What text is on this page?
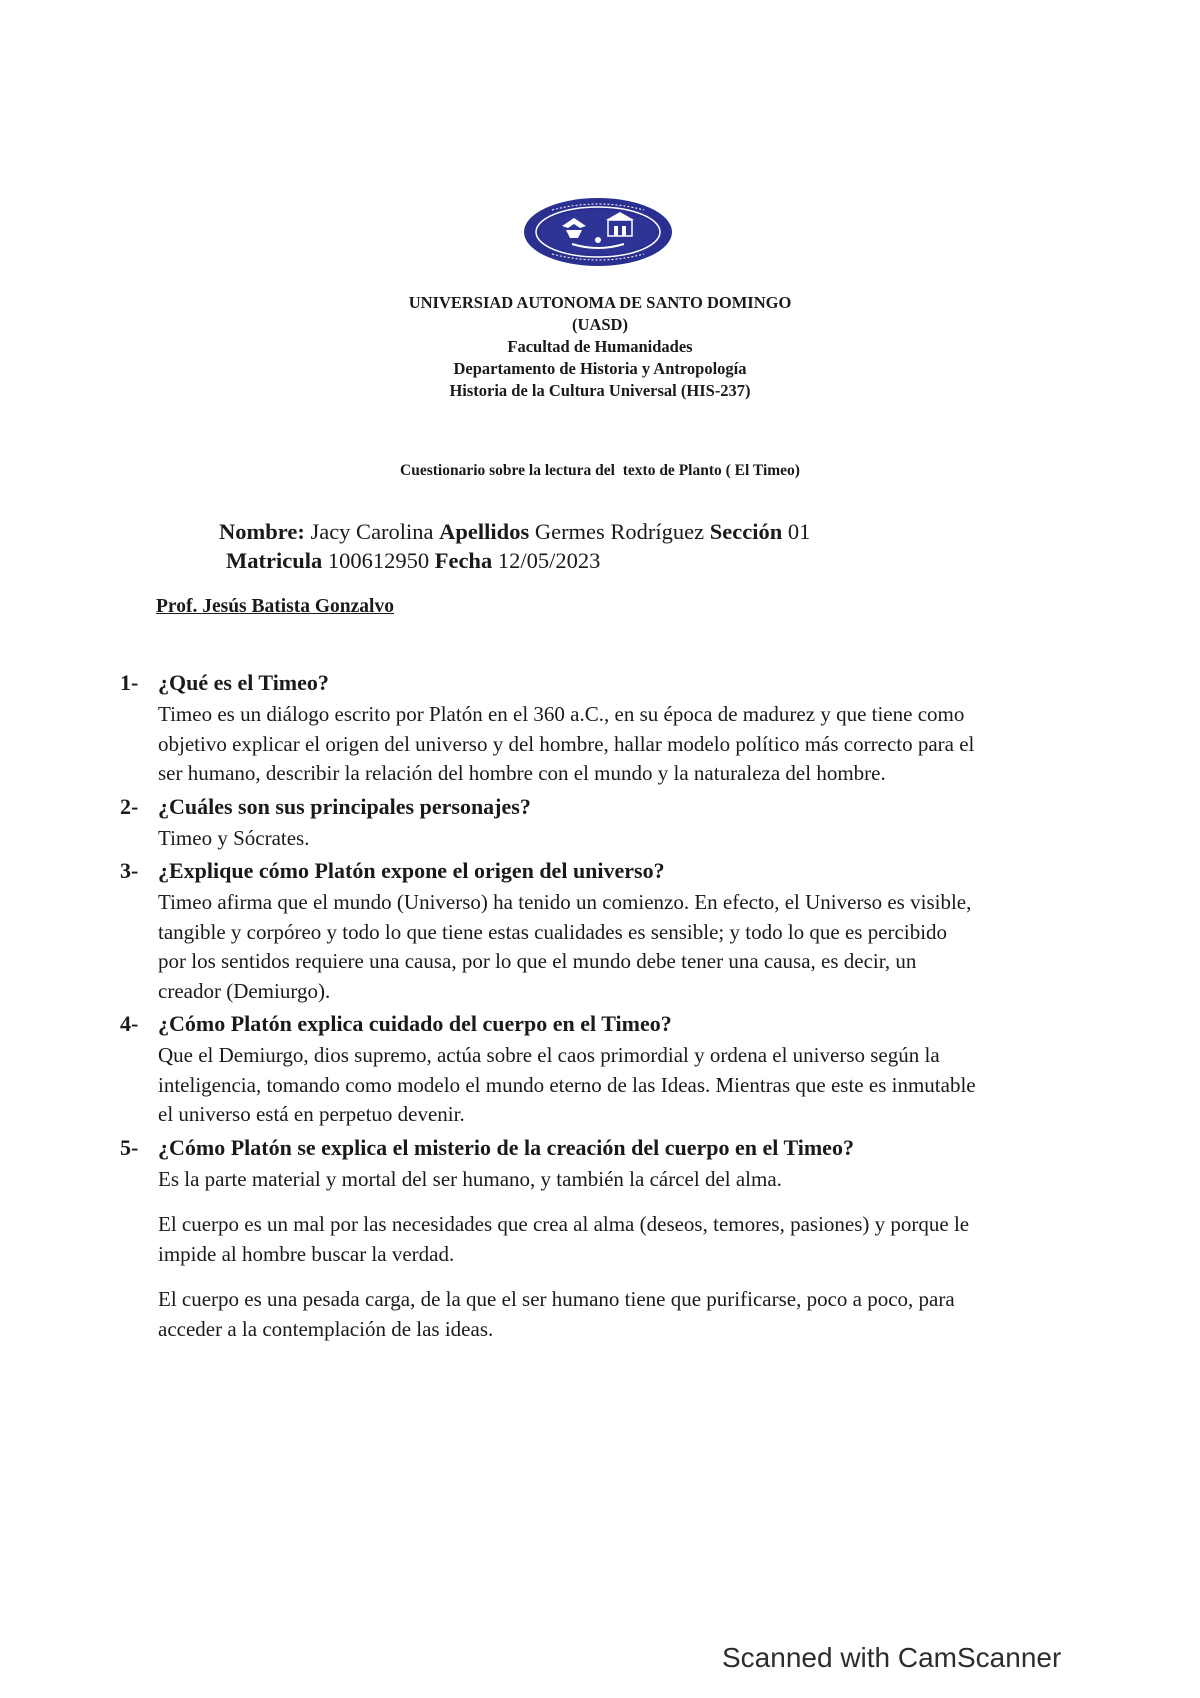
UNIVERSIAD AUTONOMA DE SANTO DOMINGO
(UASD)
Facultad de Humanidades
Departamento de Historia y Antropología
Historia de la Cultura Universal (HIS-237)
Cuestionario sobre la lectura del  texto de Planto ( El Timeo)
Nombre: Jacy Carolina Apellidos Germes Rodríguez Sección 01
Matricula 100612950 Fecha 12/05/2023
Prof. Jesús Batista Gonzalvo
1- ¿Qué es el Timeo?

Timeo es un diálogo escrito por Platón en el 360 a.C., en su época de madurez y que tiene como objetivo explicar el origen del universo y del hombre, hallar modelo político más correcto para el ser humano, describir la relación del hombre con el mundo y la naturaleza del hombre.

2- ¿Cuáles son sus principales personajes?

Timeo y Sócrates.

3- ¿Explique cómo Platón expone el origen del universo?

Timeo afirma que el mundo (Universo) ha tenido un comienzo. En efecto, el Universo es visible, tangible y corpóreo y todo lo que tiene estas cualidades es sensible; y todo lo que es percibido por los sentidos requiere una causa, por lo que el mundo debe tener una causa, es decir, un creador (Demiurgo).

4- ¿Cómo Platón explica cuidado del cuerpo en el Timeo?

Que el Demiurgo, dios supremo, actúa sobre el caos primordial y ordena el universo según la inteligencia, tomando como modelo el mundo eterno de las Ideas. Mientras que este es inmutable el universo está en perpetuo devenir.

5- ¿Cómo Platón se explica el misterio de la creación del cuerpo en el Timeo?

Es la parte material y mortal del ser humano, y también la cárcel del alma.

El cuerpo es un mal por las necesidades que crea al alma (deseos, temores, pasiones) y porque le impide al hombre buscar la verdad.

El cuerpo es una pesada carga, de la que el ser humano tiene que purificarse, poco a poco, para acceder a la contemplación de las ideas.

Scanned with CamScanner
